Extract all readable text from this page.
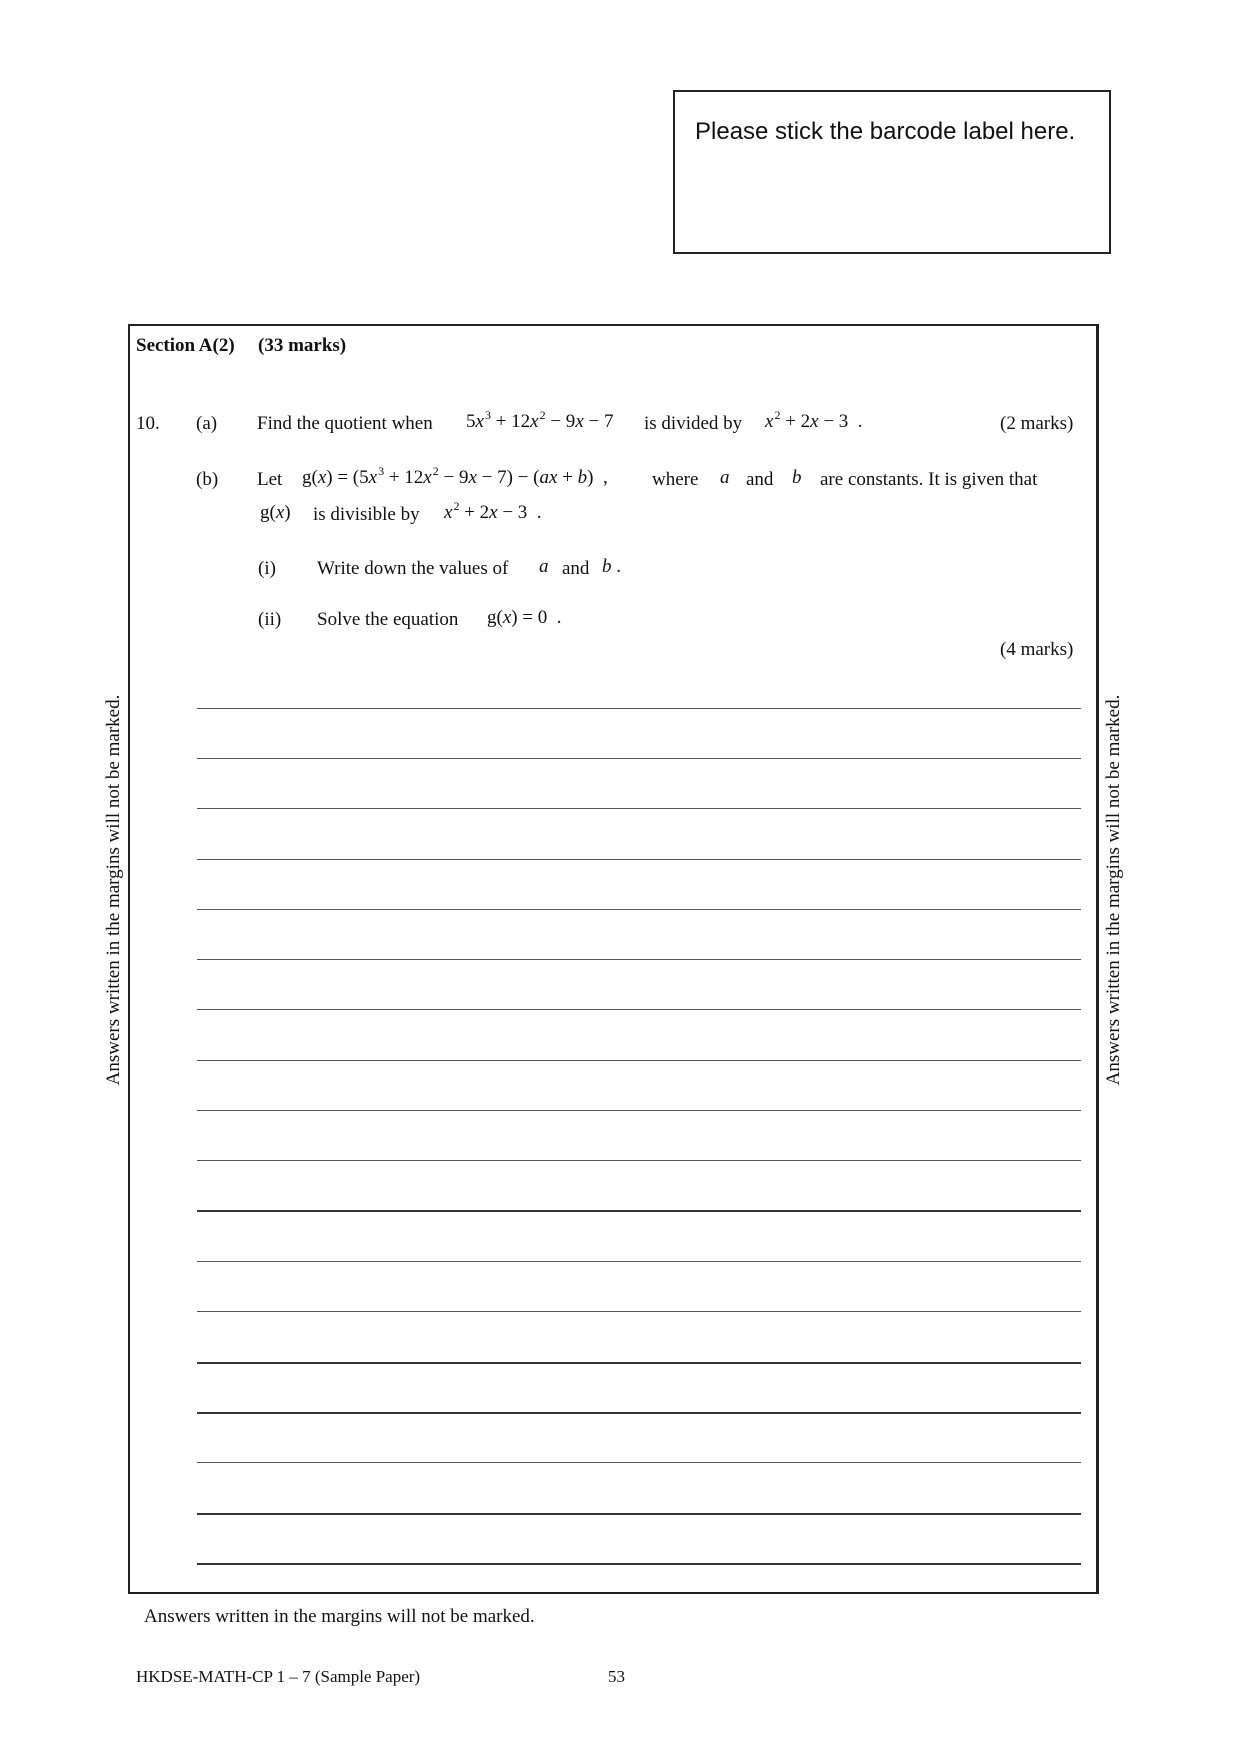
Please stick the barcode label here.
Section A(2) (33 marks)
10. (a) Find the quotient when $5x^3 + 12x^2 - 9x - 7$ is divided by $x^2 + 2x - 3$  .	(2 marks)
(b) Let $g(x) = (5x^3 + 12x^2 - 9x - 7) - (ax + b)$  , where a and b are constants. It is given that
g(x) is divisible by $x^2 + 2x - 3$  .
(i) Write down the values of a and b .
(ii) Solve the equation g(x) = 0  .
(4 marks)
Answers written in the margins will not be marked.	Answers written in the margins will not be marked.
Answers written in the margins will not be marked.
HKDSE-MATH-CP 1 – 7 (Sample Paper)	53
